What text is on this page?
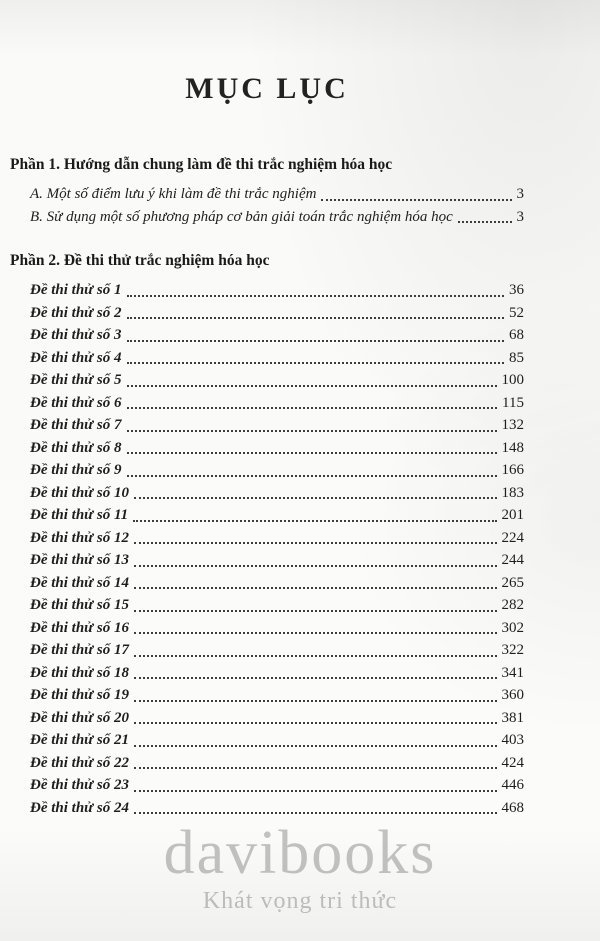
MỤC LỤC
Phần 1. Hướng dẫn chung làm đề thi trắc nghiệm hóa học
A. Một số điểm lưu ý khi làm đề thi trắc nghiệm	3
B. Sử dụng một số phương pháp cơ bản giải toán trắc nghiệm hóa học	3
Phần 2. Đề thi thử trắc nghiệm hóa học
Đề thi thử số 1	36
Đề thi thử số 2	52
Đề thi thử số 3	68
Đề thi thử số 4	85
Đề thi thử số 5	100
Đề thi thử số 6	115
Đề thi thử số 7	132
Đề thi thử số 8	148
Đề thi thử số 9	166
Đề thi thử số 10	183
Đề thi thử số 11	201
Đề thi thử số 12	224
Đề thi thử số 13	244
Đề thi thử số 14	265
Đề thi thử số 15	282
Đề thi thử số 16	302
Đề thi thử số 17	322
Đề thi thử số 18	341
Đề thi thử số 19	360
Đề thi thử số 20	381
Đề thi thử số 21	403
Đề thi thử số 22	424
Đề thi thử số 23	446
Đề thi thử số 24	468
davibooks
Khát vọng tri thức
